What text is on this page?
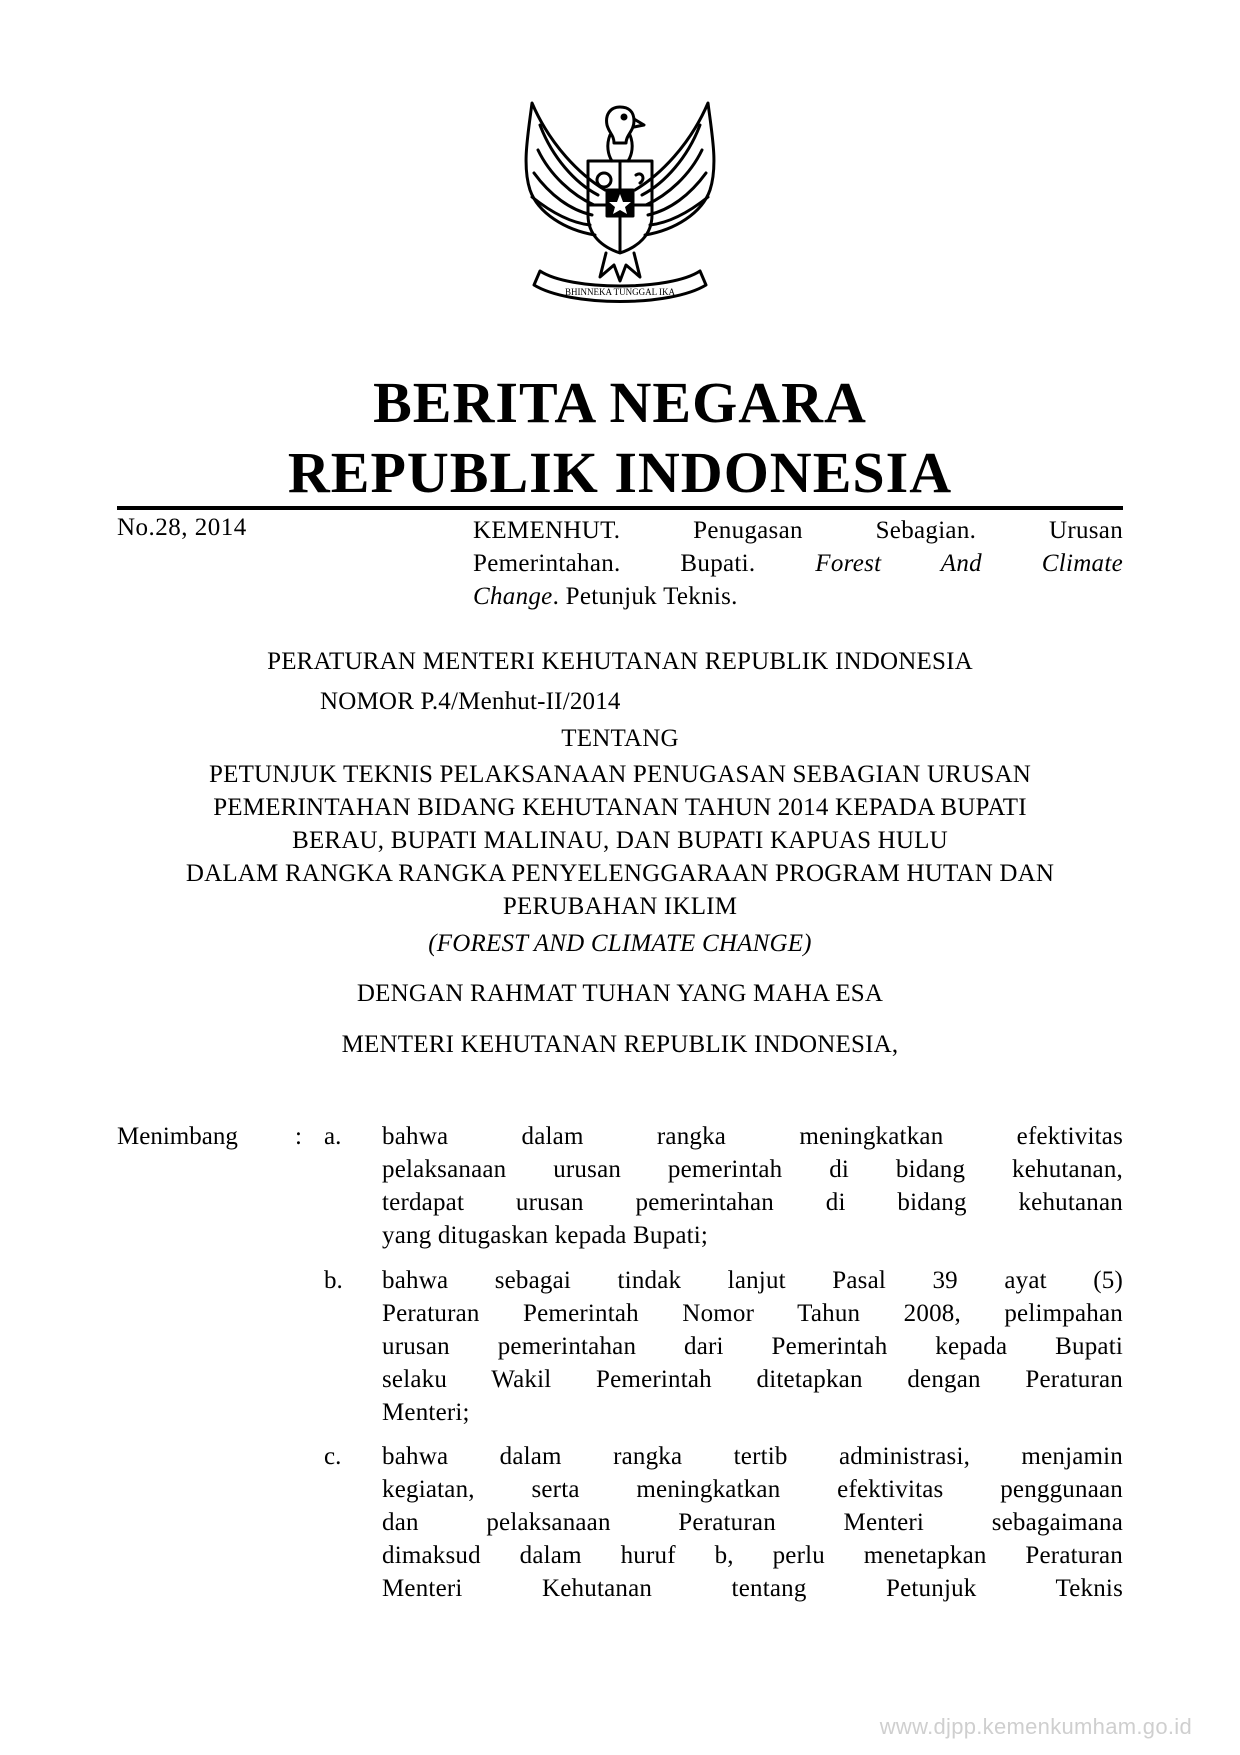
BHINNEKA TUNGGAL IKA
BERITA NEGARA
REPUBLIK INDONESIA
No.28, 2014	KEMENHUT. Penugasan Sebagian. Urusan
Pemerintahan. Bupati. Forest And Climate
Change. Petunjuk Teknis.
PERATURAN MENTERI KEHUTANAN REPUBLIK INDONESIA
NOMOR P.4/Menhut-II/2014
TENTANG
PETUNJUK TEKNIS PELAKSANAAN PENUGASAN SEBAGIAN URUSAN
PEMERINTAHAN BIDANG KEHUTANAN TAHUN 2014 KEPADA BUPATI
BERAU, BUPATI MALINAU, DAN BUPATI KAPUAS HULU
DALAM RANGKA RANGKA PENYELENGGARAAN PROGRAM HUTAN DAN
PERUBAHAN IKLIM
(FOREST AND CLIMATE CHANGE)
DENGAN RAHMAT TUHAN YANG MAHA ESA
MENTERI KEHUTANAN REPUBLIK INDONESIA,
Menimbang : a. bahwa dalam rangka meningkatkan efektivitas
pelaksanaan urusan pemerintah di bidang kehutanan,
terdapat urusan pemerintahan di bidang kehutanan
yang ditugaskan kepada Bupati;
b. bahwa sebagai tindak lanjut Pasal 39 ayat (5)
Peraturan Pemerintah Nomor Tahun 2008, pelimpahan
urusan pemerintahan dari Pemerintah kepada Bupati
selaku Wakil Pemerintah ditetapkan dengan Peraturan
Menteri;
c. bahwa dalam rangka tertib administrasi, menjamin
kegiatan, serta meningkatkan efektivitas penggunaan
dan pelaksanaan Peraturan Menteri sebagaimana
dimaksud dalam huruf b, perlu menetapkan Peraturan
Menteri Kehutanan tentang Petunjuk Teknis
www.djpp.kemenkumham.go.id
